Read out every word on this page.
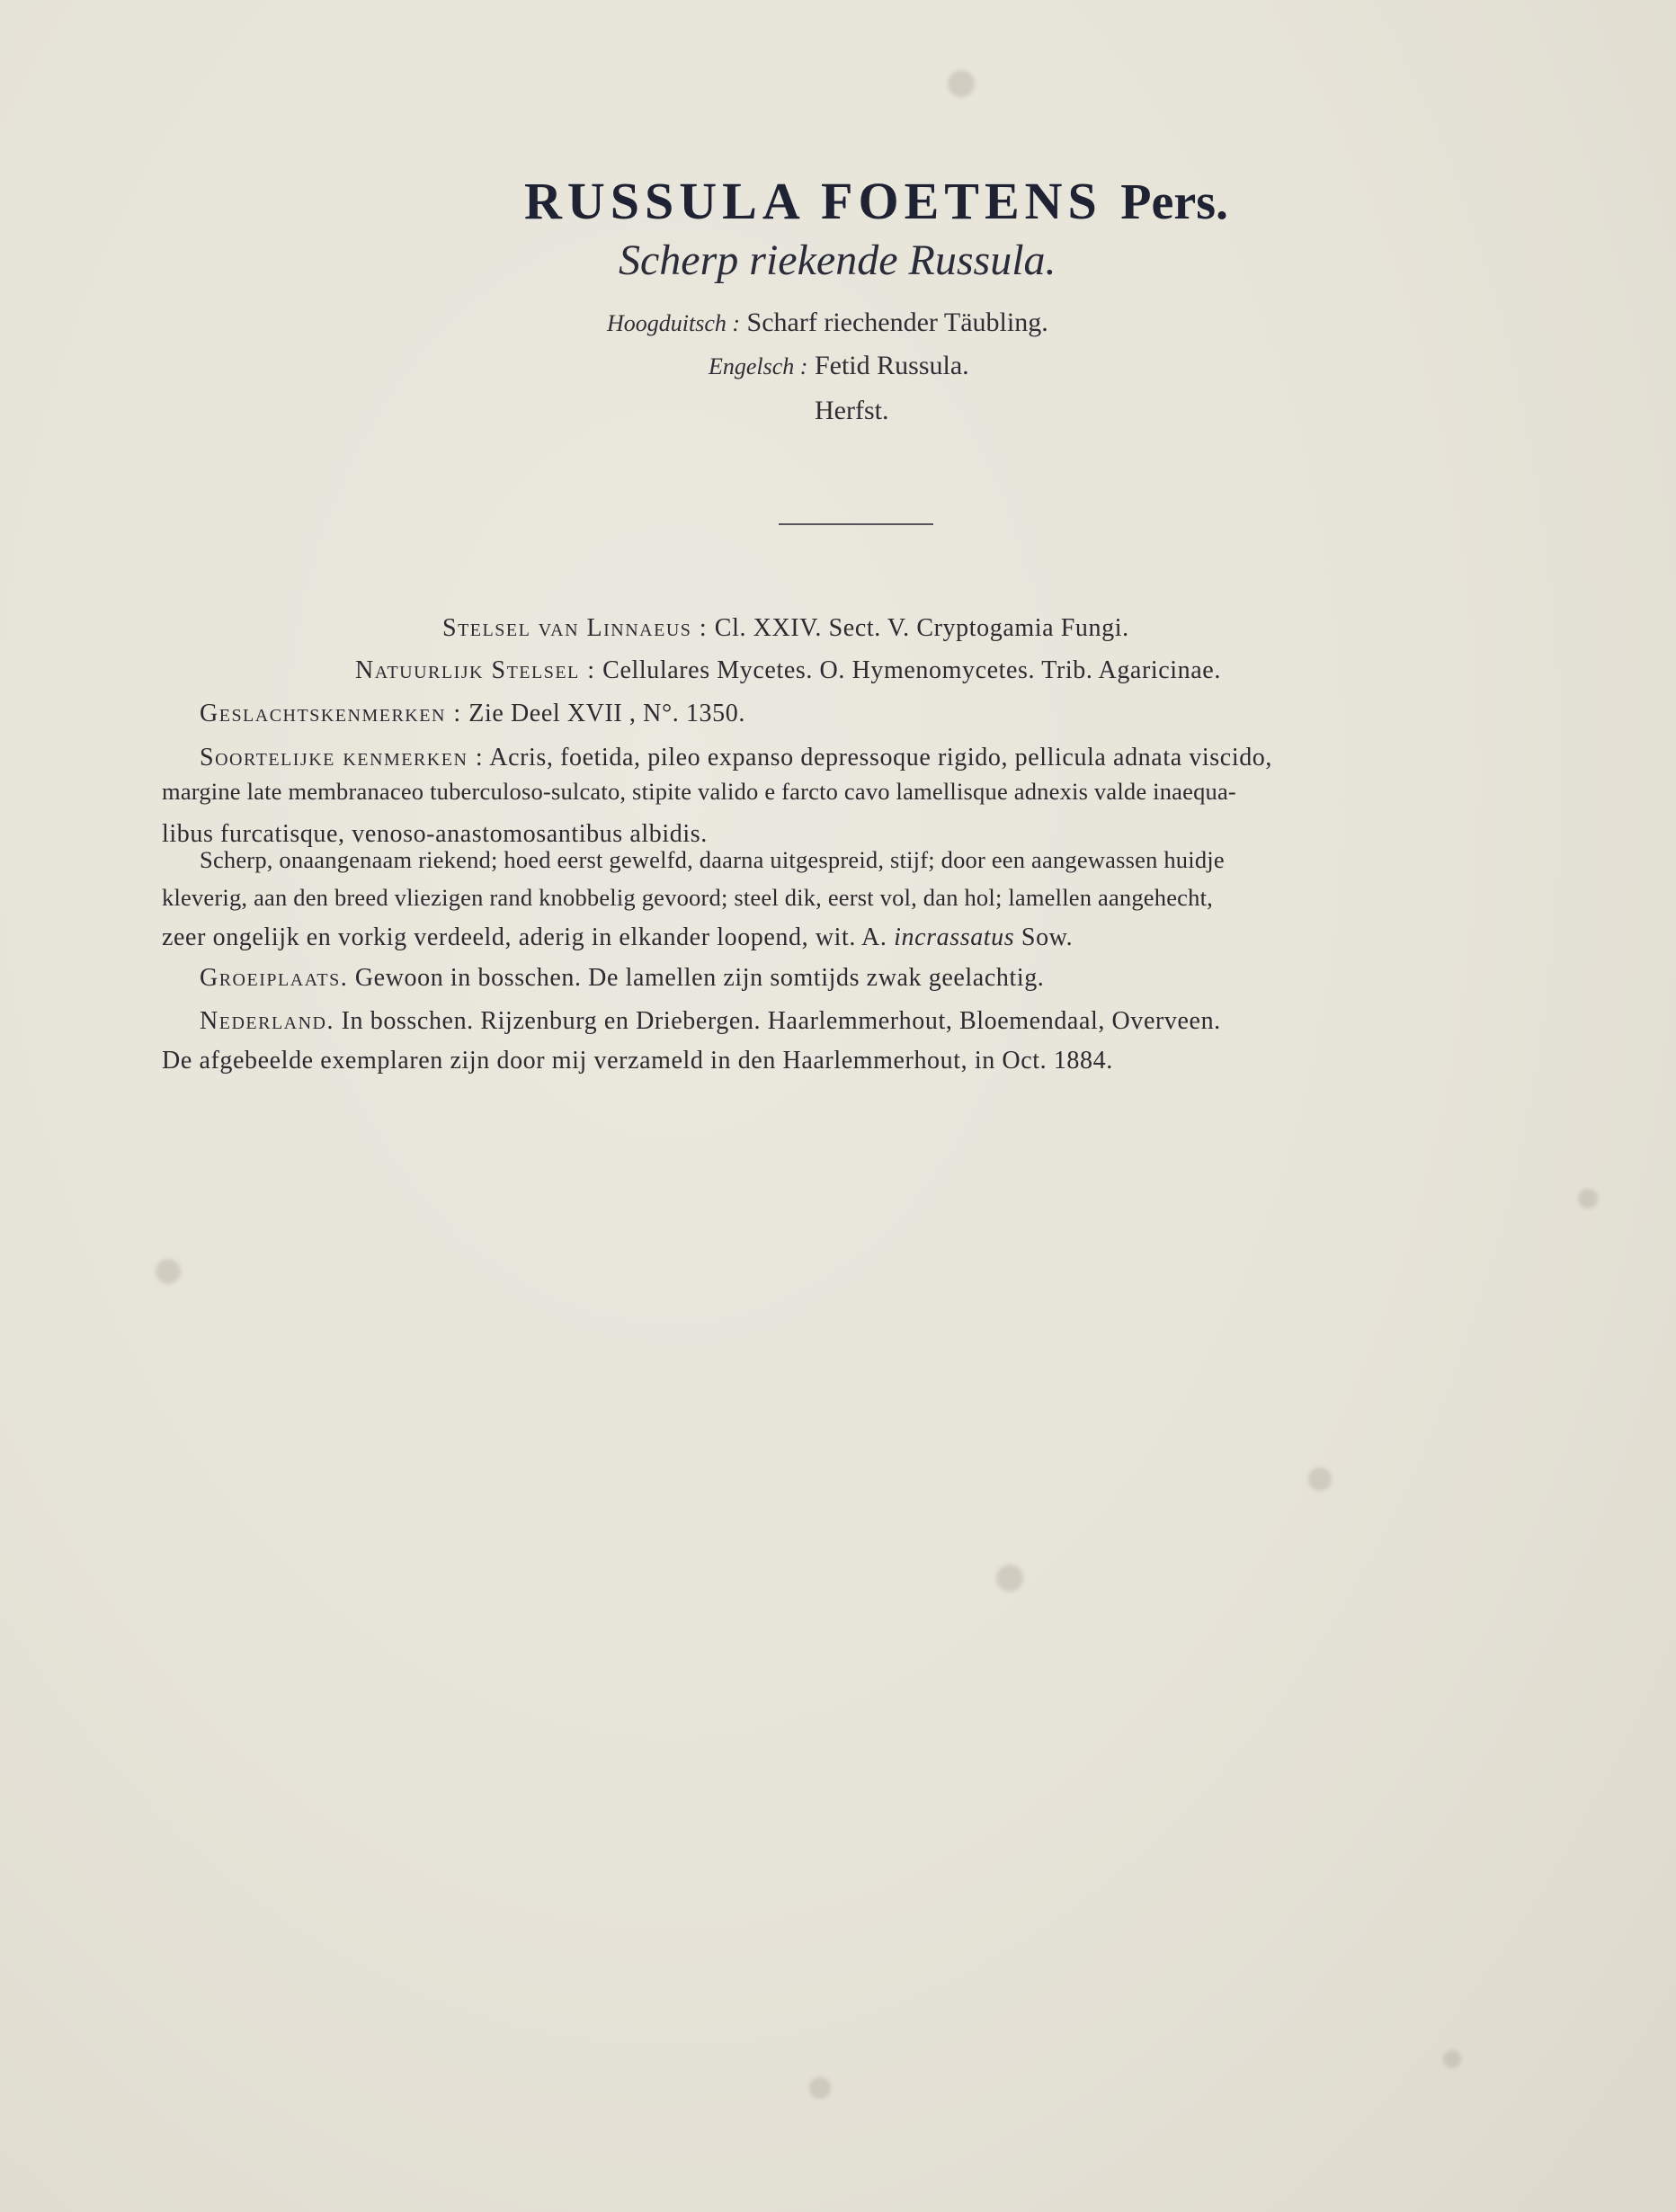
RUSSULA FOETENS Pers.
Scherp riekende Russula.
Hoogduitsch : Scharf riechender Täubling.
Engelsch : Fetid Russula.
Herfst.
Stelsel van Linnaeus : Cl. XXIV. Sect. V. Cryptogamia Fungi.
Natuurlijk Stelsel : Cellulares Mycetes. O. Hymenomycetes. Trib. Agaricinae.
Geslachtskenmerken : Zie Deel XVII , N°. 1350.
Soortelijke kenmerken : Acris, foetida, pileo expanso depressoque rigido, pellicula adnata viscido,
margine late membranaceo tuberculoso-sulcato, stipite valido e farcto cavo lamellisque adnexis valde inaequa-
libus furcatisque, venoso-anastomosantibus albidis.
Scherp, onaangenaam riekend; hoed eerst gewelfd, daarna uitgespreid, stijf; door een aangewassen huidje
kleverig, aan den breed vliezigen rand knobbelig gevoord; steel dik, eerst vol, dan hol; lamellen aangehecht,
zeer ongelijk en vorkig verdeeld, aderig in elkander loopend, wit. A. incrassatus Sow.
Groeiplaats. Gewoon in bosschen. De lamellen zijn somtijds zwak geelachtig.
Nederland. In bosschen. Rijzenburg en Driebergen. Haarlemmerhout, Bloemendaal, Overveen.
De afgebeelde exemplaren zijn door mij verzameld in den Haarlemmerhout, in Oct. 1884.
